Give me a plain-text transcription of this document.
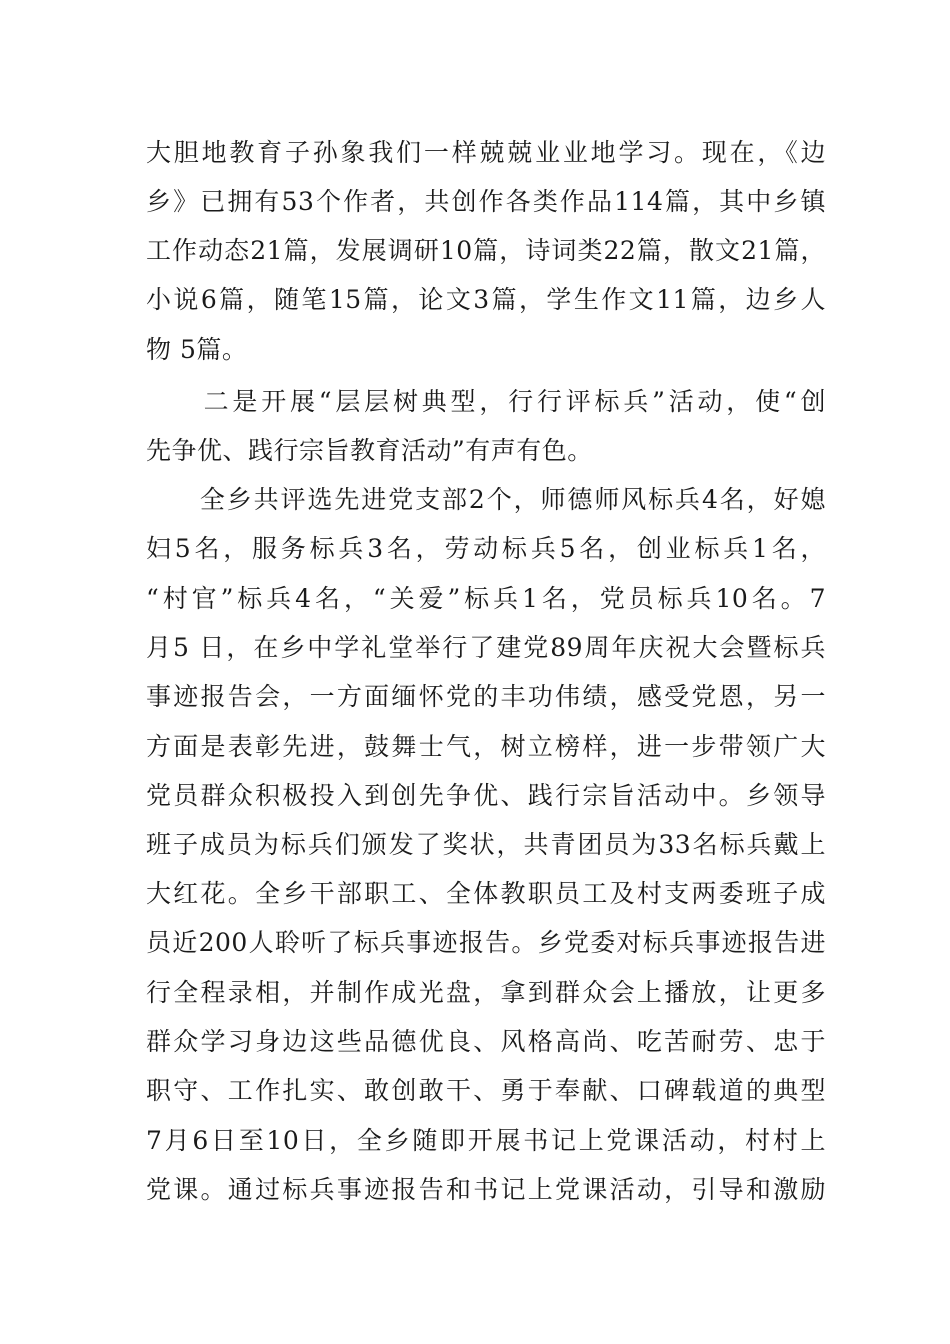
大胆地教育子孙象我们一样兢兢业业地学习。现在，《边
乡》已拥有53个作者，共创作各类作品114篇，其中乡镇
工作动态21篇，发展调研10篇，诗词类22篇，散文21篇，
小说6篇，随笔15篇，论文3篇，学生作文11篇，边乡人
物 5篇。
　　二是开展“层层树典型，行行评标兵”活动，使“创
先争优、践行宗旨教育活动”有声有色。
　　全乡共评选先进党支部2个，师德师风标兵4名，好媳
妇5名，服务标兵3名，劳动标兵5名，创业标兵1名，
“村官”标兵4名，“关爱”标兵1名，党员标兵10名。7
月5 日，在乡中学礼堂举行了建党89周年庆祝大会暨标兵
事迹报告会，一方面缅怀党的丰功伟绩，感受党恩，另一
方面是表彰先进，鼓舞士气，树立榜样，进一步带领广大
党员群众积极投入到创先争优、践行宗旨活动中。乡领导
班子成员为标兵们颁发了奖状，共青团员为33名标兵戴上
大红花。全乡干部职工、全体教职员工及村支两委班子成
员近200人聆听了标兵事迹报告。乡党委对标兵事迹报告进
行全程录相，并制作成光盘，拿到群众会上播放，让更多
群众学习身边这些品德优良、风格高尚、吃苦耐劳、忠于
职守、工作扎实、敢创敢干、勇于奉献、口碑载道的典型
7月6日至10日，全乡随即开展书记上党课活动，村村上
党课。通过标兵事迹报告和书记上党课活动，引导和激励
